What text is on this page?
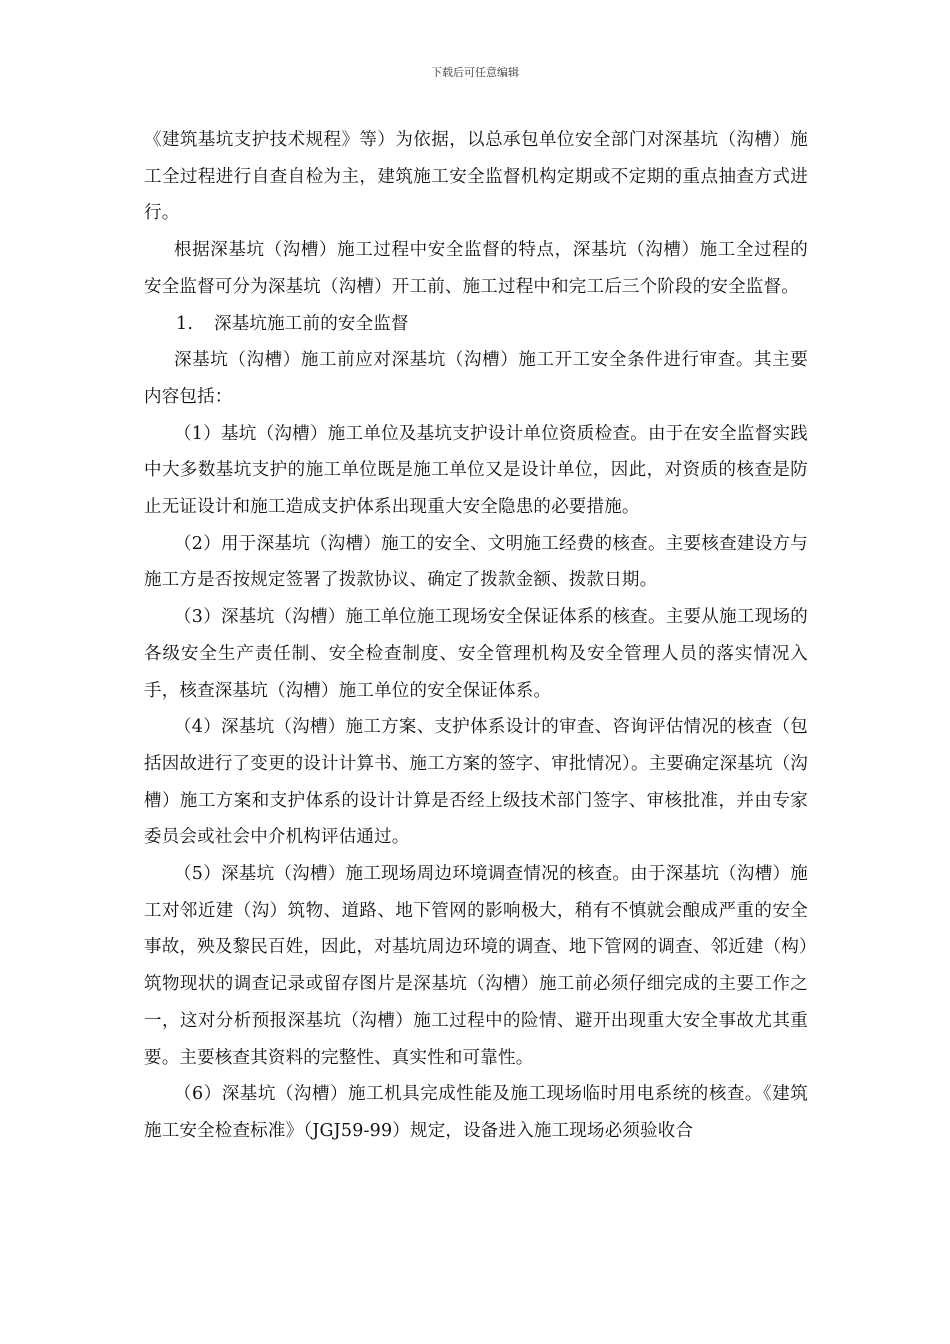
下载后可任意编辑

《建筑基坑支护技术规程》等）为依据，以总承包单位安全部门对深基坑（沟槽）施工全过程进行自查自检为主，建筑施工安全监督机构定期或不定期的重点抽查方式进行。

根据深基坑（沟槽）施工过程中安全监督的特点，深基坑（沟槽）施工全过程的安全监督可分为深基坑（沟槽）开工前、施工过程中和完工后三个阶段的安全监督。

1. 深基坑施工前的安全监督

深基坑（沟槽）施工前应对深基坑（沟槽）施工开工安全条件进行审查。其主要内容包括：

（1）基坑（沟槽）施工单位及基坑支护设计单位资质检查。由于在安全监督实践中大多数基坑支护的施工单位既是施工单位又是设计单位，因此，对资质的核查是防止无证设计和施工造成支护体系出现重大安全隐患的必要措施。

（2）用于深基坑（沟槽）施工的安全、文明施工经费的核查。主要核查建设方与施工方是否按规定签署了拨款协议、确定了拨款金额、拨款日期。

（3）深基坑（沟槽）施工单位施工现场安全保证体系的核查。主要从施工现场的各级安全生产责任制、安全检查制度、安全管理机构及安全管理人员的落实情况入手，核查深基坑（沟槽）施工单位的安全保证体系。

（4）深基坑（沟槽）施工方案、支护体系设计的审查、咨询评估情况的核查（包括因故进行了变更的设计计算书、施工方案的签字、审批情况）。主要确定深基坑（沟槽）施工方案和支护体系的设计计算是否经上级技术部门签字、审核批准，并由专家委员会或社会中介机构评估通过。

（5）深基坑（沟槽）施工现场周边环境调查情况的核查。由于深基坑（沟槽）施工对邻近建（沟）筑物、道路、地下管网的影响极大，稍有不慎就会酿成严重的安全事故，殃及黎民百姓，因此，对基坑周边环境的调查、地下管网的调查、邻近建（构）筑物现状的调查记录或留存图片是深基坑（沟槽）施工前必须仔细完成的主要工作之一，这对分析预报深基坑（沟槽）施工过程中的险情、避开出现重大安全事故尤其重要。主要核查其资料的完整性、真实性和可靠性。

（6）深基坑（沟槽）施工机具完成性能及施工现场临时用电系统的核查。《建筑施工安全检查标准》（JGJ59-99）规定，设备进入施工现场必须验收合
